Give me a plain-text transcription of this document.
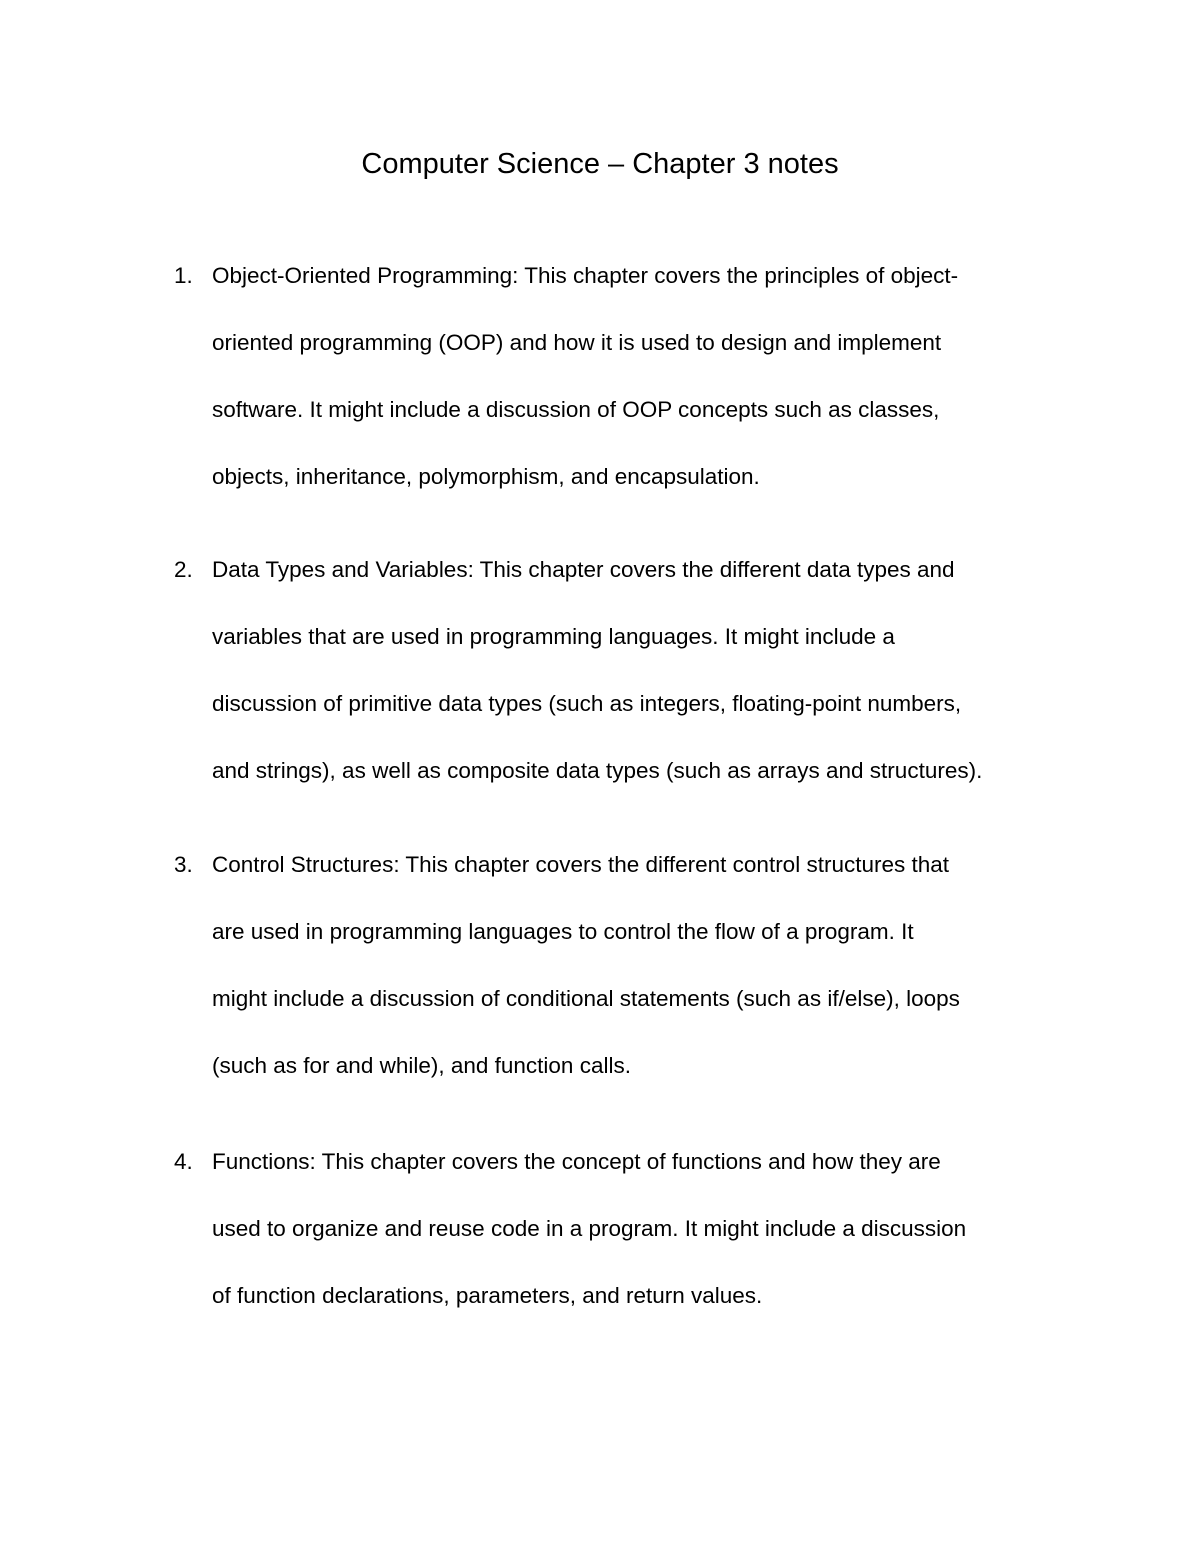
Computer Science – Chapter 3 notes
1. Object-Oriented Programming: This chapter covers the principles of object-
oriented programming (OOP) and how it is used to design and implement
software. It might include a discussion of OOP concepts such as classes,
objects, inheritance, polymorphism, and encapsulation.

2. Data Types and Variables: This chapter covers the different data types and
variables that are used in programming languages. It might include a
discussion of primitive data types (such as integers, floating-point numbers,
and strings), as well as composite data types (such as arrays and structures).

3. Control Structures: This chapter covers the different control structures that
are used in programming languages to control the flow of a program. It
might include a discussion of conditional statements (such as if/else), loops
(such as for and while), and function calls.

4. Functions: This chapter covers the concept of functions and how they are
used to organize and reuse code in a program. It might include a discussion
of function declarations, parameters, and return values.
